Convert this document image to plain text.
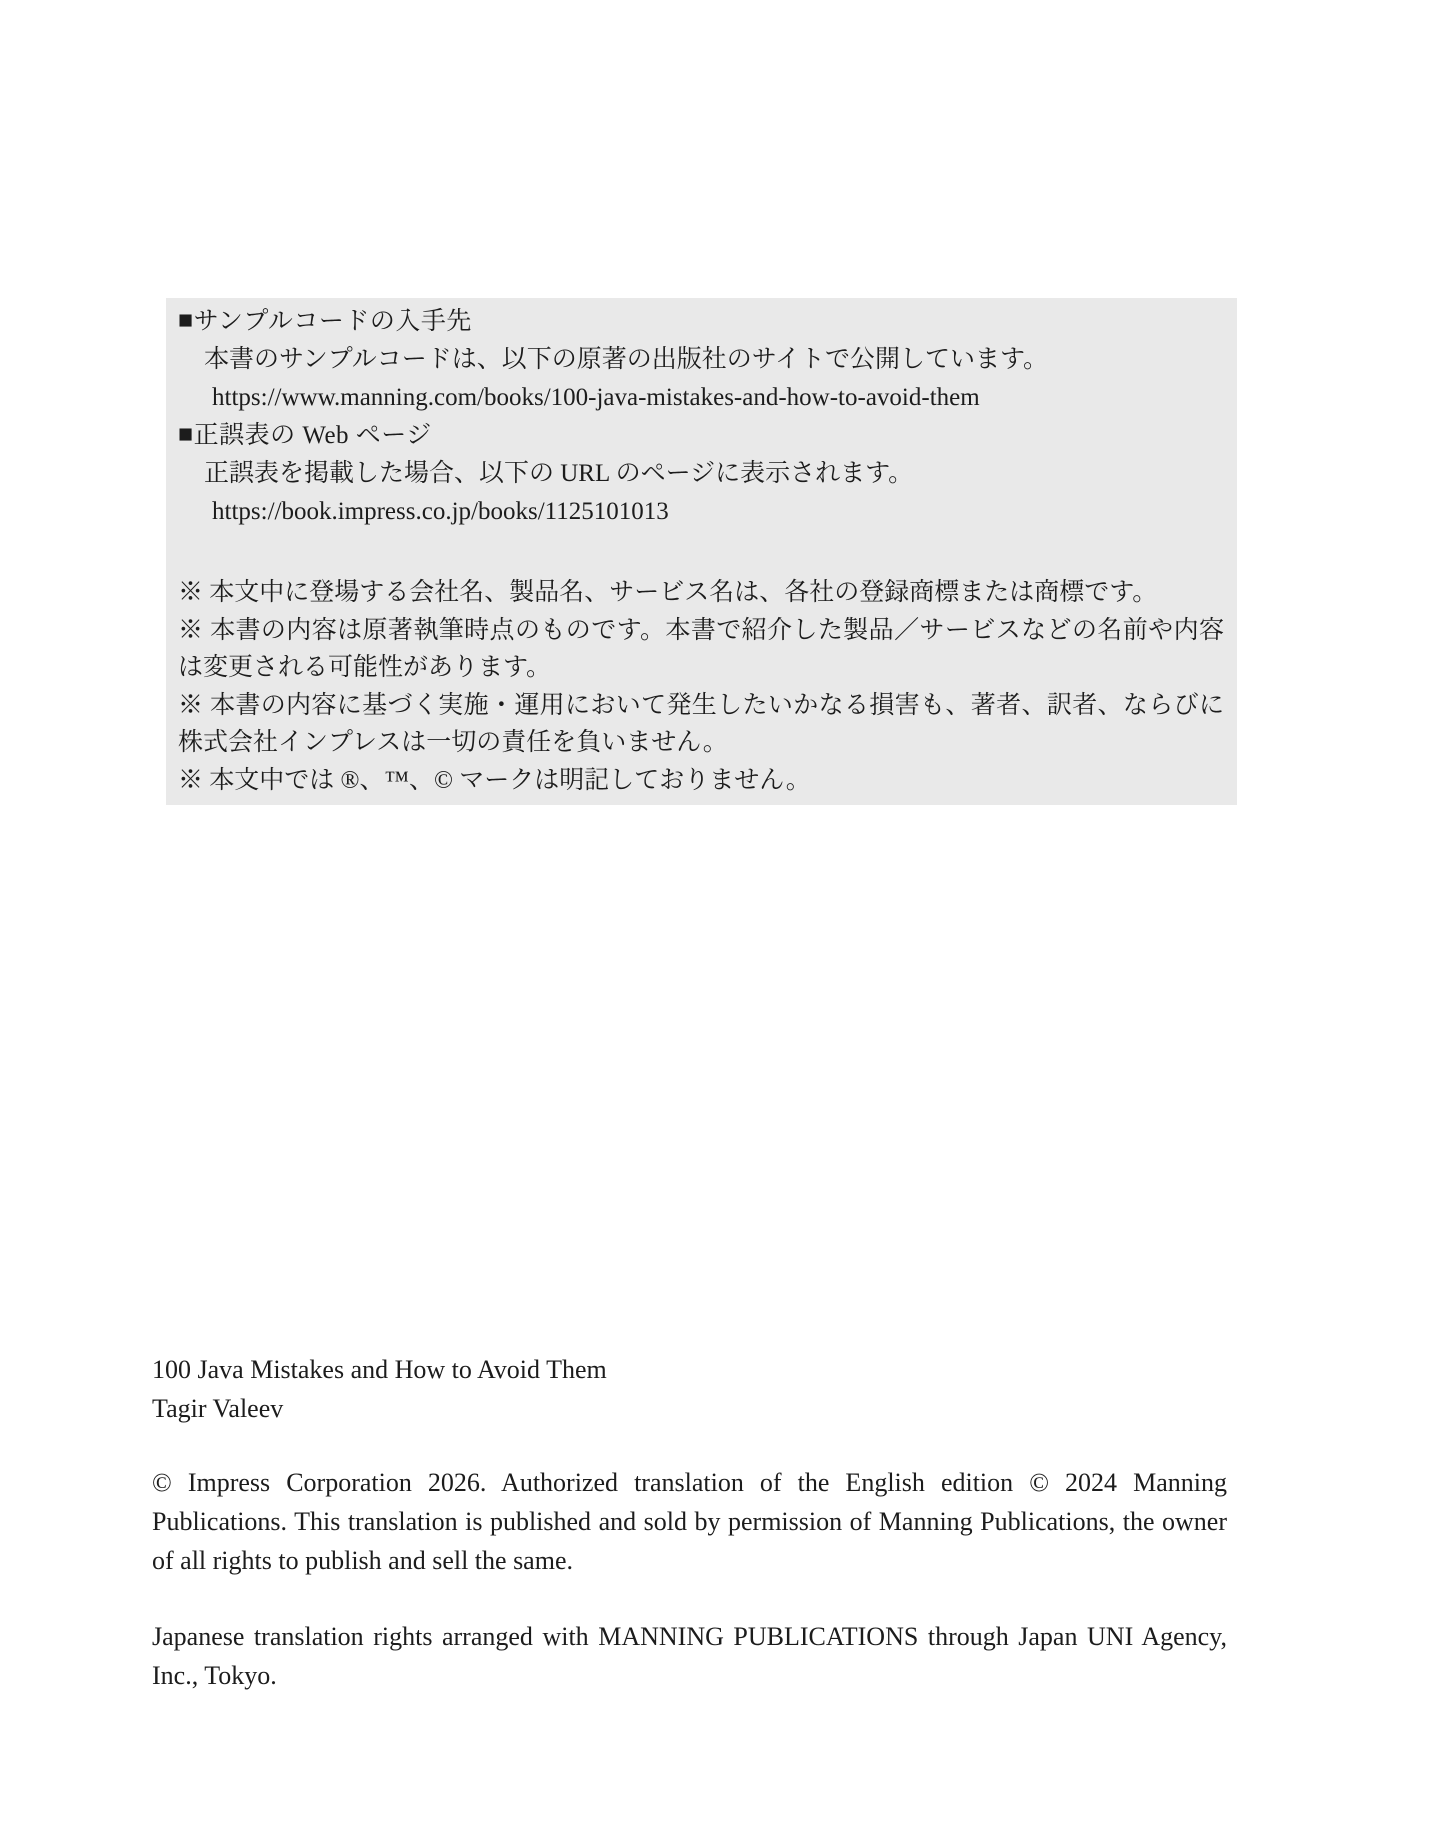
■サンプルコードの入手先

本書のサンプルコードは、以下の原著の出版社のサイトで公開しています。

https://www.manning.com/books/100-java-mistakes-and-how-to-avoid-them

■正誤表の Web ページ

正誤表を掲載した場合、以下の URL のページに表示されます。

https://book.impress.co.jp/books/1125101013

※ 本文中に登場する会社名、製品名、サービス名は、各社の登録商標または商標です。

※ 本書の内容は原著執筆時点のものです。本書で紹介した製品／サービスなどの名前や内容は変更される可能性があります。

※ 本書の内容に基づく実施・運用において発生したいかなる損害も、著者、訳者、ならびに株式会社インプレスは一切の責任を負いません。

※ 本文中では ®、™、© マークは明記しておりません。

100 Java Mistakes and How to Avoid Them

Tagir Valeev

© Impress Corporation 2026. Authorized translation of the English edition © 2024 Manning Publications. This translation is published and sold by permission of Manning Publications, the owner of all rights to publish and sell the same.

Japanese translation rights arranged with MANNING PUBLICATIONS through Japan UNI Agency, Inc., Tokyo.
